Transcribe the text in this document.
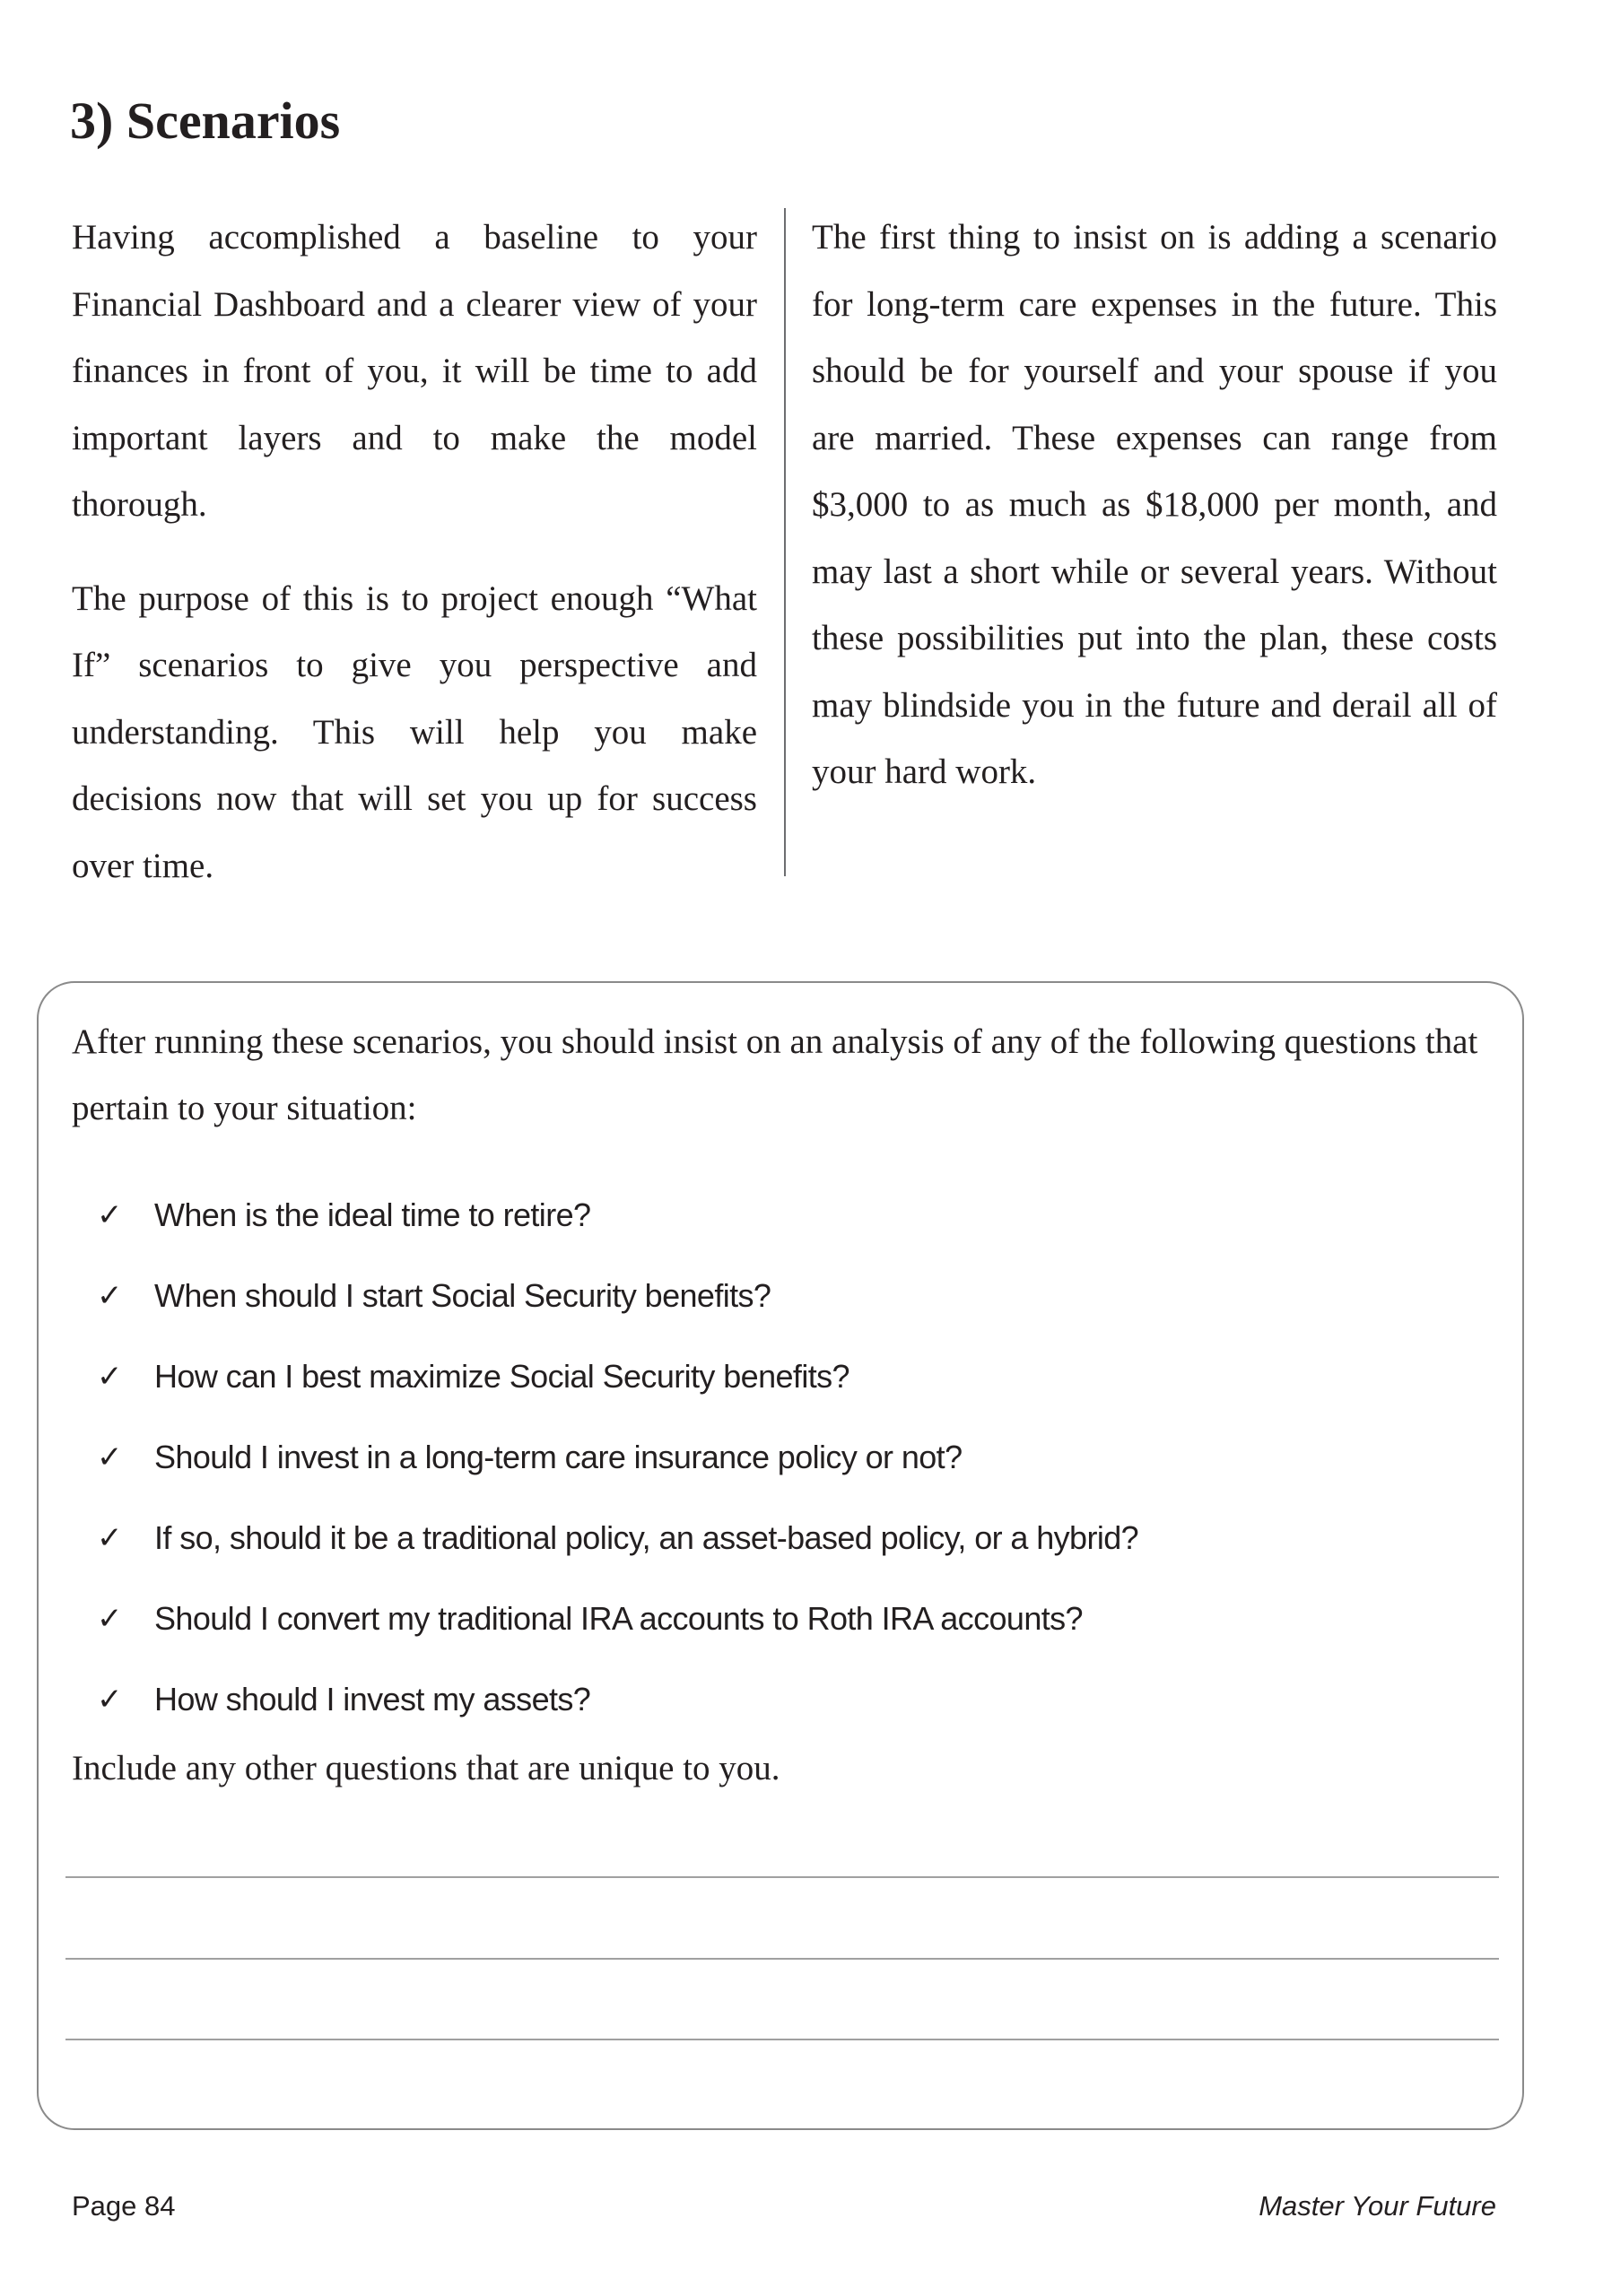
3) Scenarios

Having accomplished a baseline to your Financial Dashboard and a clearer view of your finances in front of you, it will be time to add important layers and to make the model thorough.

The purpose of this is to project enough “What If” scenarios to give you perspective and understanding. This will help you make decisions now that will set you up for success over time.

The first thing to insist on is adding a scenario for long-term care expenses in the future. This should be for yourself and your spouse if you are married. These expenses can range from $3,000 to as much as $18,000 per month, and may last a short while or several years. Without these possibilities put into the plan, these costs may blindside you in the future and derail all of your hard work.

After running these scenarios, you should insist on an analysis of any of the following questions that pertain to your situation:

✓	When is the ideal time to retire?
✓	When should I start Social Security benefits?
✓	How can I best maximize Social Security benefits?
✓	Should I invest in a long-term care insurance policy or not?
✓	If so, should it be a traditional policy, an asset-based policy, or a hybrid?
✓	Should I convert my traditional IRA accounts to Roth IRA accounts?
✓	How should I invest my assets?

Include any other questions that are unique to you.

Page 84	Master Your Future
